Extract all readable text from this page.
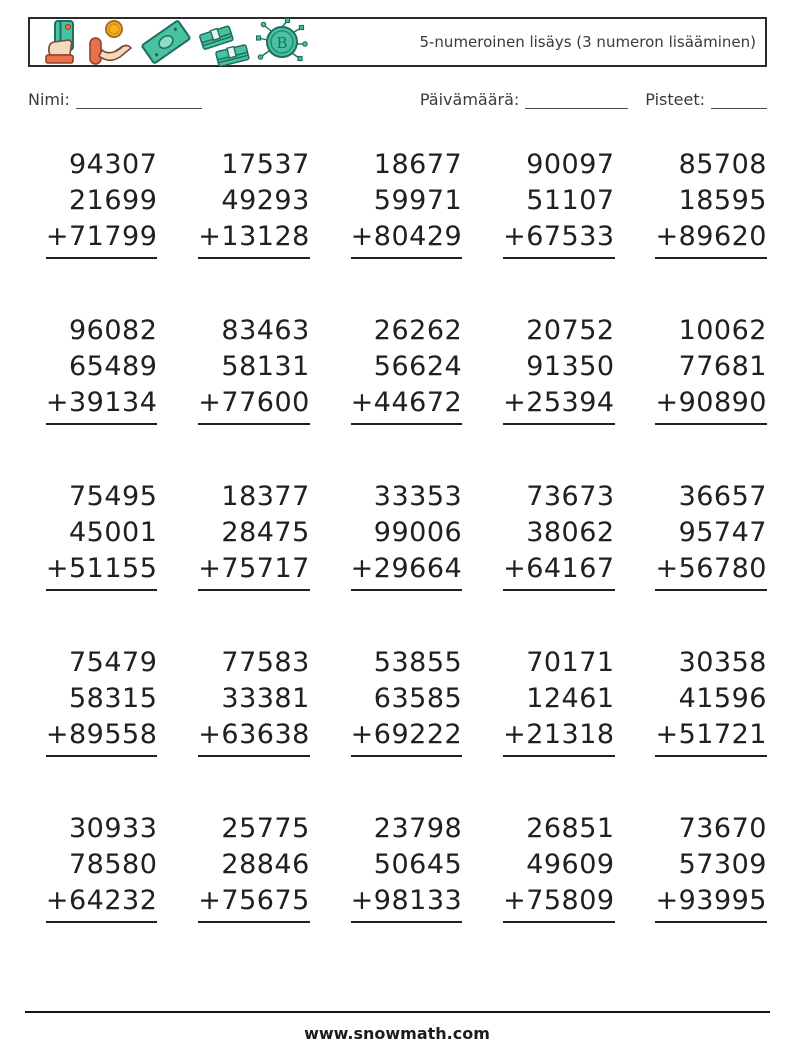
B	5-numeroinen lisäys (3 numeron lisääminen)
Nimi:	Päivämäärä:	Pisteet:
94307
21699
+71799
17537
49293
+13128
18677
59971
+80429
90097
51107
+67533
85708
18595
+89620
96082
65489
+39134
83463
58131
+77600
26262
56624
+44672
20752
91350
+25394
10062
77681
+90890
75495
45001
+51155
18377
28475
+75717
33353
99006
+29664
73673
38062
+64167
36657
95747
+56780
75479
58315
+89558
77583
33381
+63638
53855
63585
+69222
70171
12461
+21318
30358
41596
+51721
30933
78580
+64232
25775
28846
+75675
23798
50645
+98133
26851
49609
+75809
73670
57309
+93995
www.snowmath.com
